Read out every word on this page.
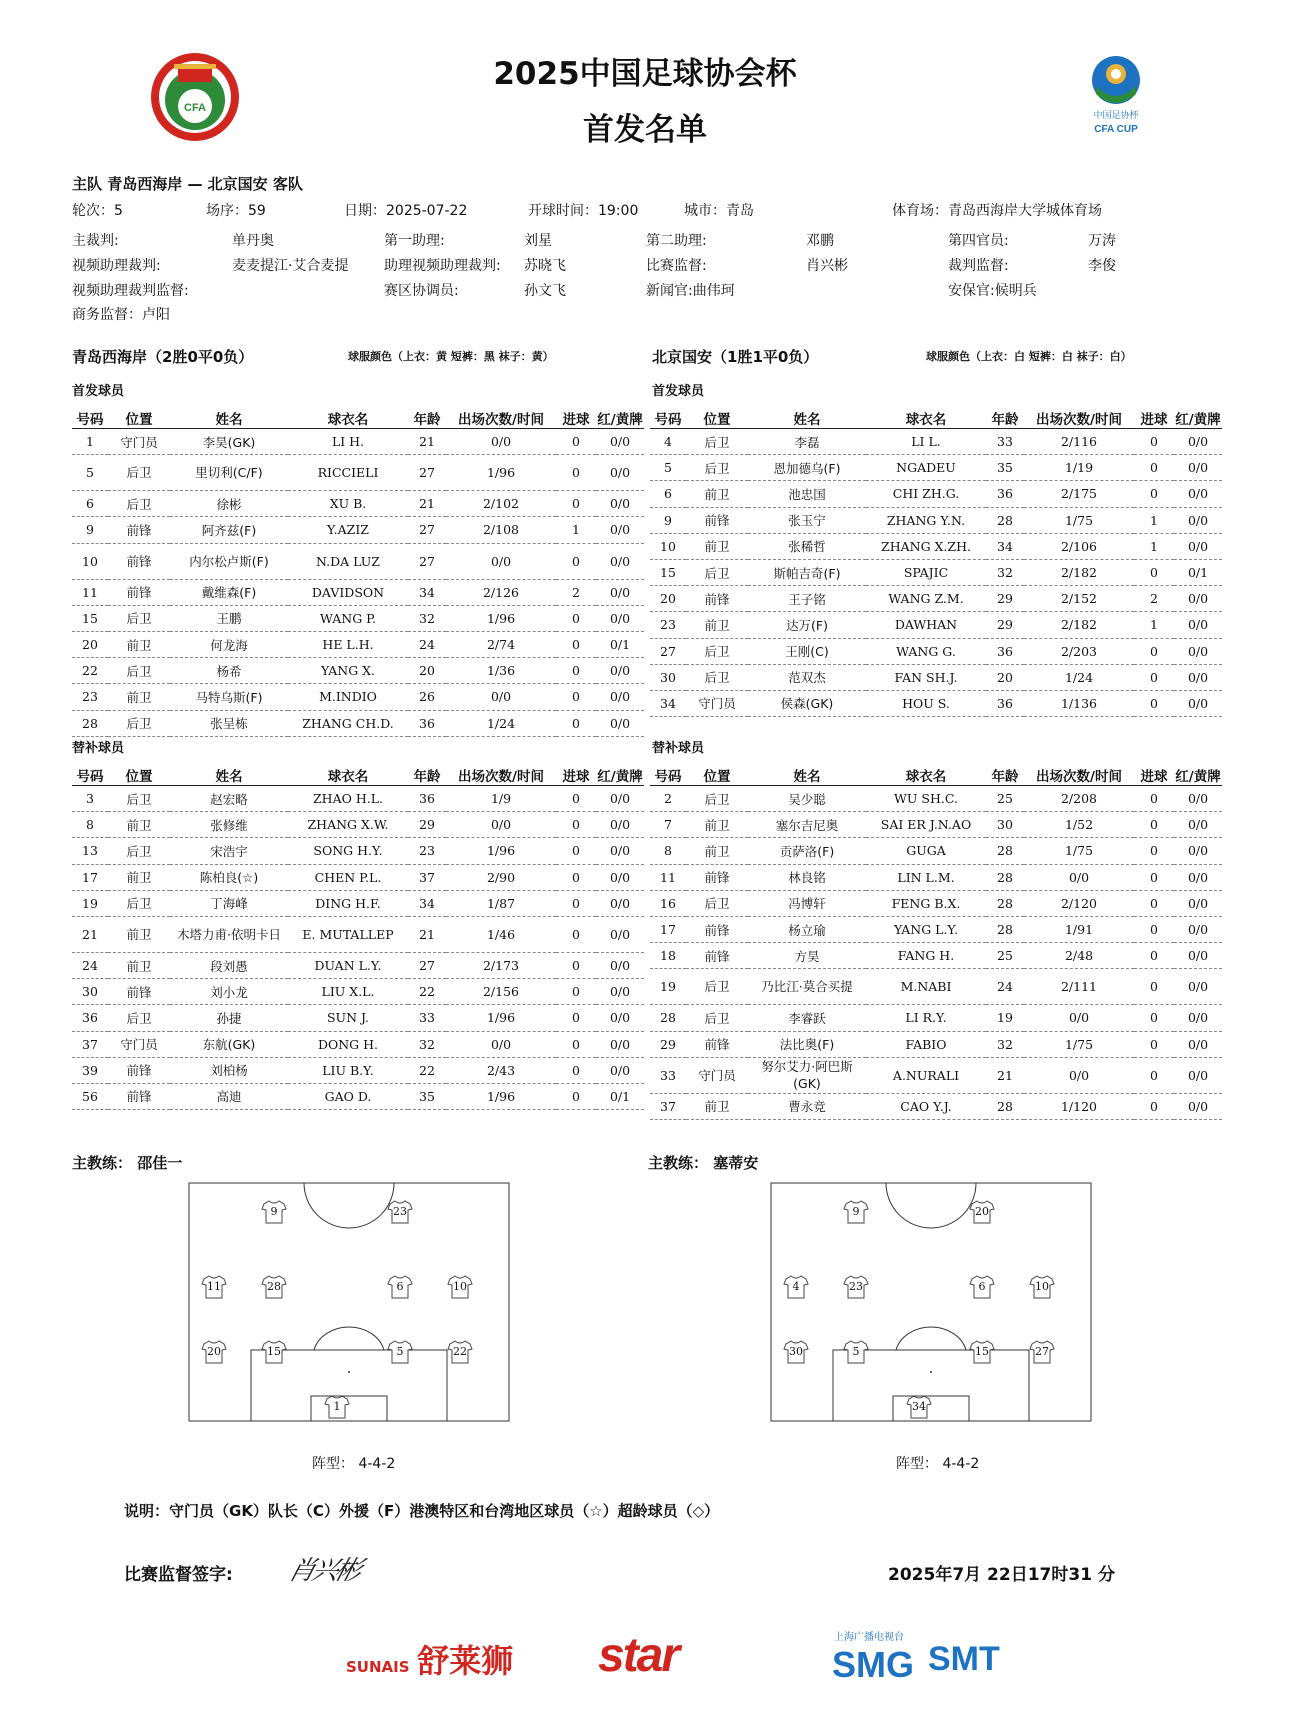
2025中国足球协会杯
首发名单
CFA
中国足协杯
CFA CUP
主队 青岛西海岸 — 北京国安 客队
轮次：5	场序：59	日期：2025-07-22	开球时间：19:00	城市：青岛	体育场：青岛西海岸大学城体育场
主裁判:	单丹奥	第一助理:	刘星	第二助理:	邓鹏	第四官员:	万涛
视频助理裁判:	麦麦提江·艾合麦提	助理视频助理裁判: 苏晓飞	比赛监督:	肖兴彬	裁判监督:	李俊
视频助理裁判监督:	赛区协调员:	孙文飞	新闻官:曲伟珂	安保官:候明兵
商务监督：卢阳
青岛西海岸（2胜0平0负）	球服颜色（上衣：黄 短裤：黑 袜子：黄）	北京国安（1胜1平0负）	球服颜色（上衣：白 短裤：白 袜子：白）
首发球员	首发球员
号码	位置	姓名	球衣名	年龄	出场次数/时间	进球	红/黄牌
1	守门员	李昊(GK)	LI H.	21	0/0	0	0/0
5	后卫	里切利(C/F)	RICCIELI	27	1/96	0	0/0
6	后卫	徐彬	XU B.	21	2/102	0	0/0
9	前锋	阿齐兹(F)	Y.AZIZ	27	2/108	1	0/0
10	前锋	内尔松卢斯(F)	N.DA LUZ	27	0/0	0	0/0
11	前锋	戴维森(F)	DAVIDSON	34	2/126	2	0/0
15	后卫	王鹏	WANG P.	32	1/96	0	0/0
20	前卫	何龙海	HE L.H.	24	2/74	0	0/1
22	后卫	杨希	YANG X.	20	1/36	0	0/0
23	前卫	马特乌斯(F)	M.INDIO	26	0/0	0	0/0
28	后卫	张呈栋	ZHANG CH.D.	36	1/24	0	0/0
号码	位置	姓名	球衣名	年龄	出场次数/时间	进球	红/黄牌
4	后卫	李磊	LI L.	33	2/116	0	0/0
5	后卫	恩加德乌(F)	NGADEU	35	1/19	0	0/0
6	前卫	池忠国	CHI ZH.G.	36	2/175	0	0/0
9	前锋	张玉宁	ZHANG Y.N.	28	1/75	1	0/0
10	前卫	张稀哲	ZHANG X.ZH.	34	2/106	1	0/0
15	后卫	斯帕吉奇(F)	SPAJIC	32	2/182	0	0/1
20	前锋	王子铭	WANG Z.M.	29	2/152	2	0/0
23	前卫	达万(F)	DAWHAN	29	2/182	1	0/0
27	后卫	王刚(C)	WANG G.	36	2/203	0	0/0
30	后卫	范双杰	FAN SH.J.	20	1/24	0	0/0
34	守门员	侯森(GK)	HOU S.	36	1/136	0	0/0
替补球员	替补球员
号码	位置	姓名	球衣名	年龄	出场次数/时间	进球	红/黄牌
3	后卫	赵宏略	ZHAO H.L.	36	1/9	0	0/0
8	前卫	张修维	ZHANG X.W.	29	0/0	0	0/0
13	后卫	宋浩宇	SONG H.Y.	23	1/96	0	0/0
17	前卫	陈柏良(☆)	CHEN P.L.	37	2/90	0	0/0
19	后卫	丁海峰	DING H.F.	34	1/87	0	0/0
21	前卫	木塔力甫·依明卡日	E. MUTALLEP	21	1/46	0	0/0
24	前卫	段刘愚	DUAN L.Y.	27	2/173	0	0/0
30	前锋	刘小龙	LIU X.L.	22	2/156	0	0/0
36	后卫	孙捷	SUN J.	33	1/96	0	0/0
37	守门员	东航(GK)	DONG H.	32	0/0	0	0/0
39	前锋	刘柏杨	LIU B.Y.	22	2/43	0	0/0
56	前锋	高迪	GAO D.	35	1/96	0	0/1
号码	位置	姓名	球衣名	年龄	出场次数/时间	进球	红/黄牌
2	后卫	吴少聪	WU SH.C.	25	2/208	0	0/0
7	前卫	塞尔吉尼奥	SAI ER J.N.AO	30	1/52	0	0/0
8	前卫	贡萨洛(F)	GUGA	28	1/75	0	0/0
11	前锋	林良铭	LIN L.M.	28	0/0	0	0/0
16	后卫	冯博轩	FENG B.X.	28	2/120	0	0/0
17	前锋	杨立瑜	YANG L.Y.	28	1/91	0	0/0
18	前锋	方昊	FANG H.	25	2/48	0	0/0
19	后卫	乃比江·莫合买提	M.NABI	24	2/111	0	0/0
28	后卫	李睿跃	LI R.Y.	19	0/0	0	0/0
29	前锋	法比奥(F)	FABIO	32	1/75	0	0/0
33	守门员	努尔艾力·阿巴斯(GK)	A.NURALI	21	0/0	0	0/0
37	前卫	曹永竞	CAO Y.J.	28	1/120	0	0/0
主教练： 邵佳一	主教练： 塞蒂安
9	23
11	28	6	10
20	15	5	22
1
9	20
4	23	6	10
30	5	15	27
34
阵型： 4-4-2	阵型： 4-4-2
说明：守门员（GK）队长（C）外援（F）港澳特区和台湾地区球员（☆）超龄球员（◇）
比赛监督签字: 肖兴彬	2025年7月 22日17时31 分
SUNAIS 舒莱狮 star	上海广播电视台
SMG SMT
